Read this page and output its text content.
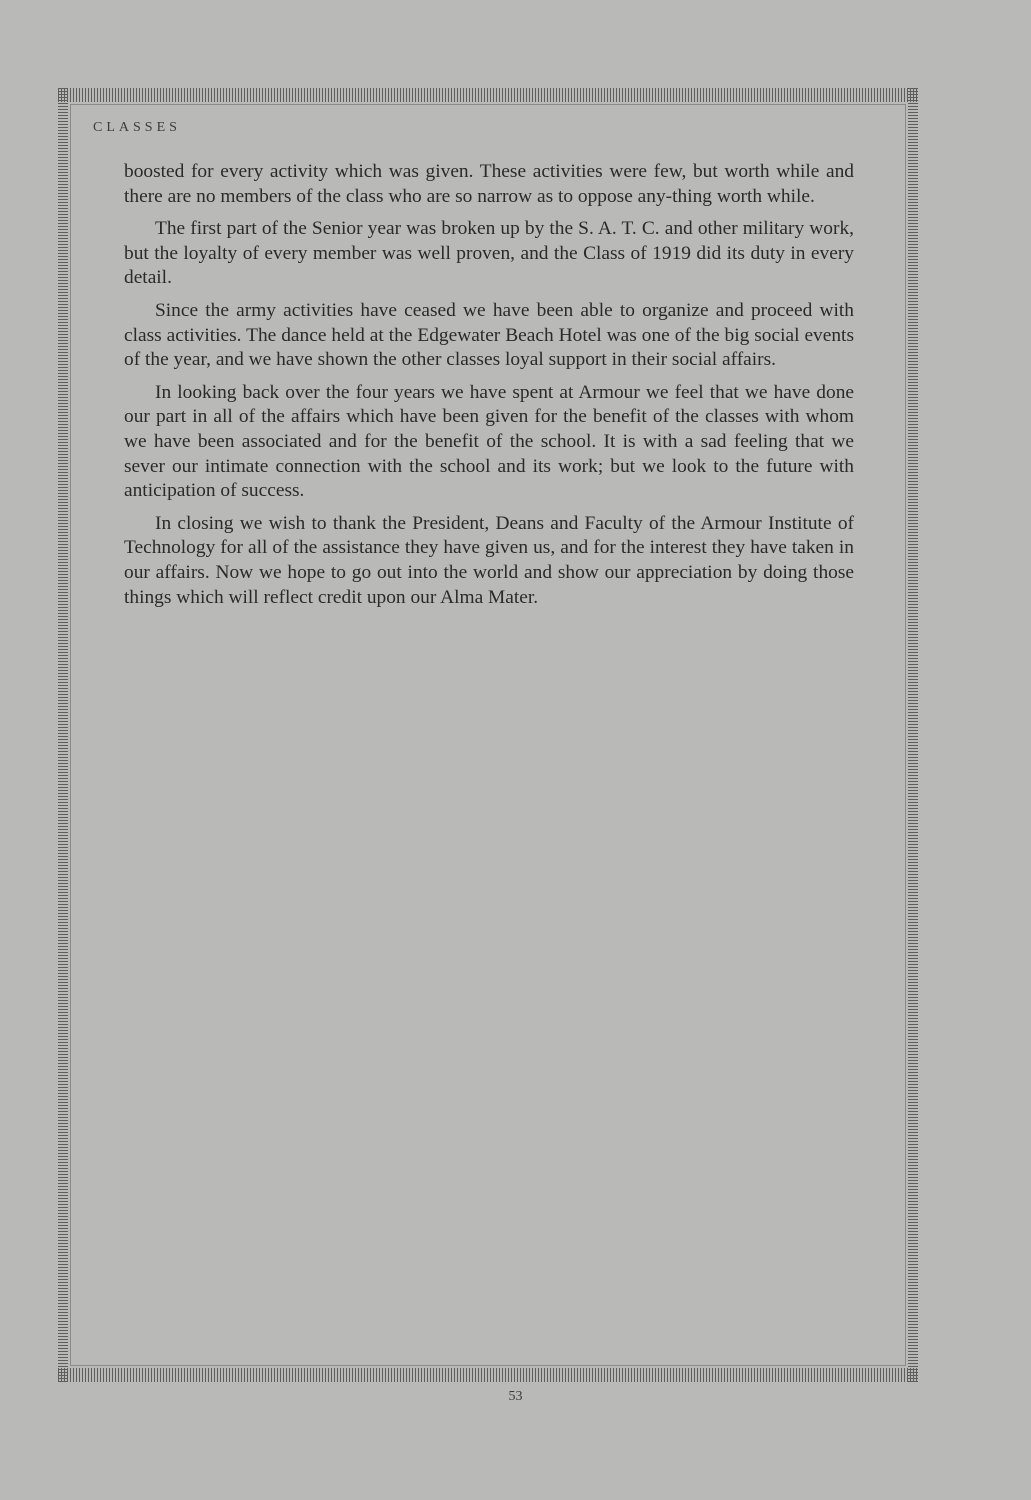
CLASSES

boosted for every activity which was given. These activities were few, but worth while and there are no members of the class who are so narrow as to oppose any-thing worth while.

The first part of the Senior year was broken up by the S. A. T. C. and other military work, but the loyalty of every member was well proven, and the Class of 1919 did its duty in every detail.

Since the army activities have ceased we have been able to organize and proceed with class activities. The dance held at the Edgewater Beach Hotel was one of the big social events of the year, and we have shown the other classes loyal support in their social affairs.

In looking back over the four years we have spent at Armour we feel that we have done our part in all of the affairs which have been given for the benefit of the classes with whom we have been associated and for the benefit of the school. It is with a sad feeling that we sever our intimate connection with the school and its work; but we look to the future with anticipation of success.

In closing we wish to thank the President, Deans and Faculty of the Armour Institute of Technology for all of the assistance they have given us, and for the interest they have taken in our affairs. Now we hope to go out into the world and show our appreciation by doing those things which will reflect credit upon our Alma Mater.

53
